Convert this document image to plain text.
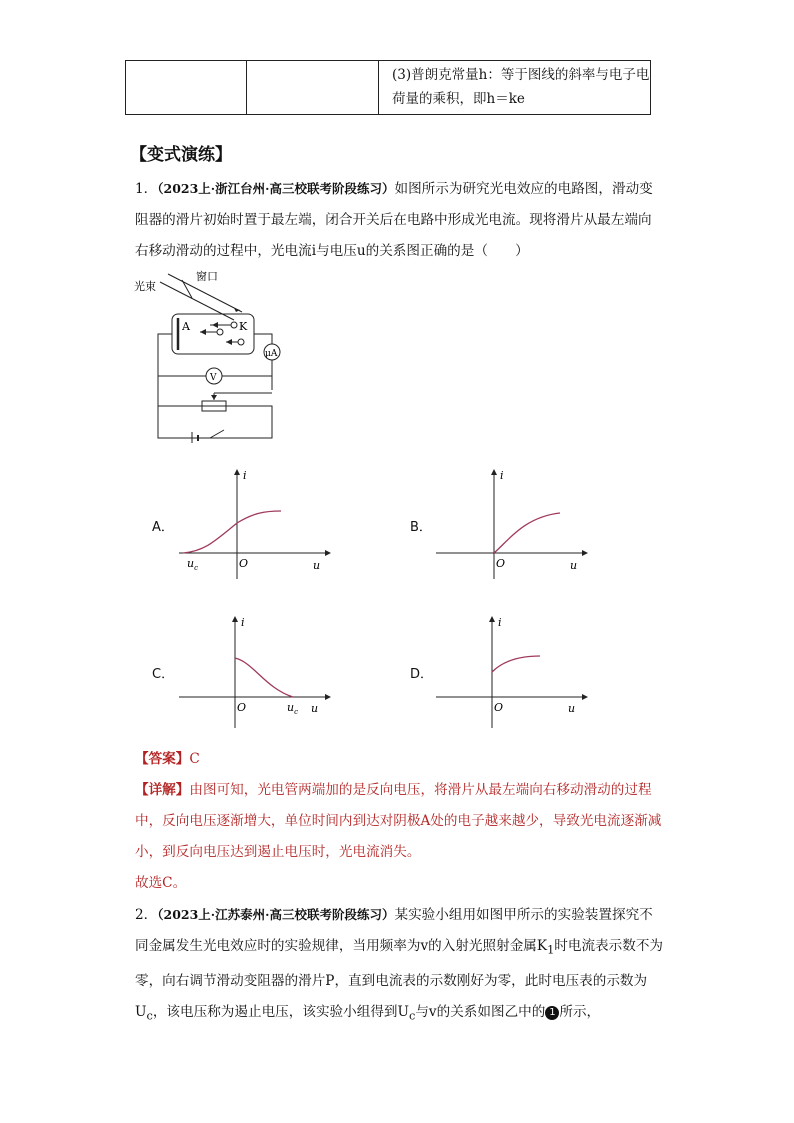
(3)普朗克常量h：等于图线的斜率与电子电
荷量的乘积，即h＝ke
【变式演练】
1．（2023上·浙江台州·高三校联考阶段练习）如图所示为研究光电效应的电路图，滑动变阻器的滑片初始时置于最左端，闭合开关后在电路中形成光电流。现将滑片从最左端向右移动滑动的过程中，光电流i与电压u的关系图正确的是（　　）
光束
窗口
A	K
μA
V
A．
i
u
O
$u_c$
B．
i
u
O
C．
i
u
O	$u_c$
D．
i
u
O
【答案】C
【详解】由图可知，光电管两端加的是反向电压，将滑片从最左端向右移动滑动的过程中，反向电压逐渐增大，单位时间内到达对阴极A处的电子越来越少，导致光电流逐渐减小，到反向电压达到遏止电压时，光电流消失。
故选C。
2．（2023上·江苏泰州·高三校联考阶段练习）某实验小组用如图甲所示的实验装置探究不同金属发生光电效应时的实验规律，当用频率为v的入射光照射金属$K_1$时电流表示数不为零，向右调节滑动变阻器的滑片P，直到电流表的示数刚好为零，此时电压表的示数为$U_c$，该电压称为遏止电压，该实验小组得到$U_c$与v的关系如图乙中的 1 所示，
